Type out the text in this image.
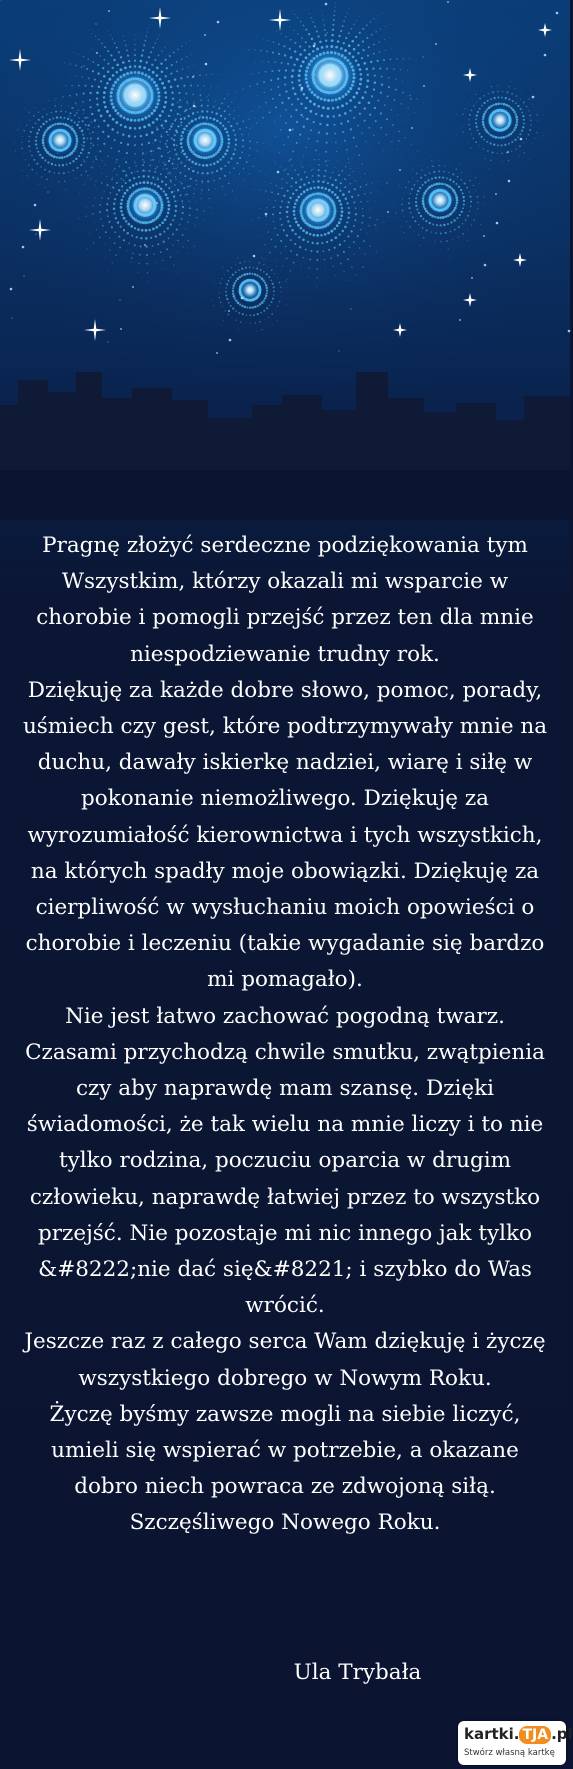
Pragnę złożyć serdeczne podziękowania tym Wszystkim, którzy okazali mi wsparcie w chorobie i pomogli przejść przez ten dla mnie niespodziewanie trudny rok.

Dziękuję za każde dobre słowo, pomoc, porady, uśmiech czy gest, które podtrzymywały mnie na duchu, dawały iskierkę nadziei, wiarę i siłę w pokonanie niemożliwego. Dziękuję za wyrozumiałość kierownictwa i tych wszystkich, na których spadły moje obowiązki. Dziękuję za cierpliwość w wysłuchaniu moich opowieści o chorobie i leczeniu (takie wygadanie się bardzo mi pomagało).

Nie jest łatwo zachować pogodną twarz. Czasami przychodzą chwile smutku, zwątpienia czy aby naprawdę mam szansę. Dzięki świadomości, że tak wielu na mnie liczy i to nie tylko rodzina, poczuciu oparcia w drugim człowieku, naprawdę łatwiej przez to wszystko przejść. Nie pozostaje mi nic innego jak tylko &#8222;nie dać się&#8221; i szybko do Was wrócić.

Jeszcze raz z całego serca Wam dziękuję i życzę wszystkiego dobrego w Nowym Roku.

Życzę byśmy zawsze mogli na siebie liczyć, umieli się wspierać w potrzebie, a okazane dobro niech powraca ze zdwojoną siłą.

Szczęśliwego Nowego Roku.

Ula Trybała
kartki. TJA .pl
Stwórz własną kartkę
